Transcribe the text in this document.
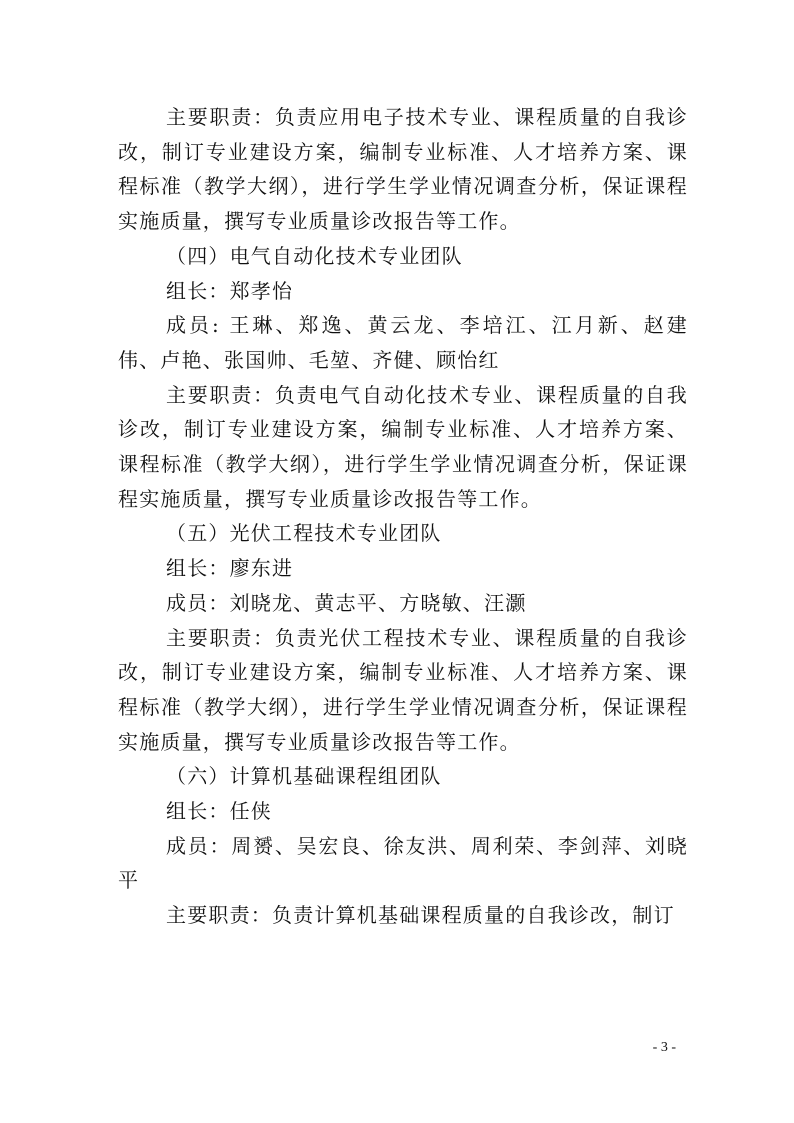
主要职责：负责应用电子技术专业、课程质量的自我诊改，制订专业建设方案，编制专业标准、人才培养方案、课程标准（教学大纲），进行学生学业情况调查分析，保证课程实施质量，撰写专业质量诊改报告等工作。

（四）电气自动化技术专业团队

组长：郑孝怡

成员: 王琳、郑逸、黄云龙、李培江、江月新、赵建伟、卢艳、张国帅、毛堃、齐健、顾怡红

主要职责：负责电气自动化技术专业、课程质量的自我诊改，制订专业建设方案，编制专业标准、人才培养方案、课程标准（教学大纲），进行学生学业情况调查分析，保证课程实施质量，撰写专业质量诊改报告等工作。

（五）光伏工程技术专业团队

组长：廖东进

成员：刘晓龙、黄志平、方晓敏、汪灏

主要职责：负责光伏工程技术专业、课程质量的自我诊改，制订专业建设方案，编制专业标准、人才培养方案、课程标准（教学大纲），进行学生学业情况调查分析，保证课程实施质量，撰写专业质量诊改报告等工作。

（六）计算机基础课程组团队

组长：任侠

成员：周赟、吴宏良、徐友洪、周利荣、李剑萍、刘晓平

主要职责：负责计算机基础课程质量的自我诊改，制订

- 3 -
